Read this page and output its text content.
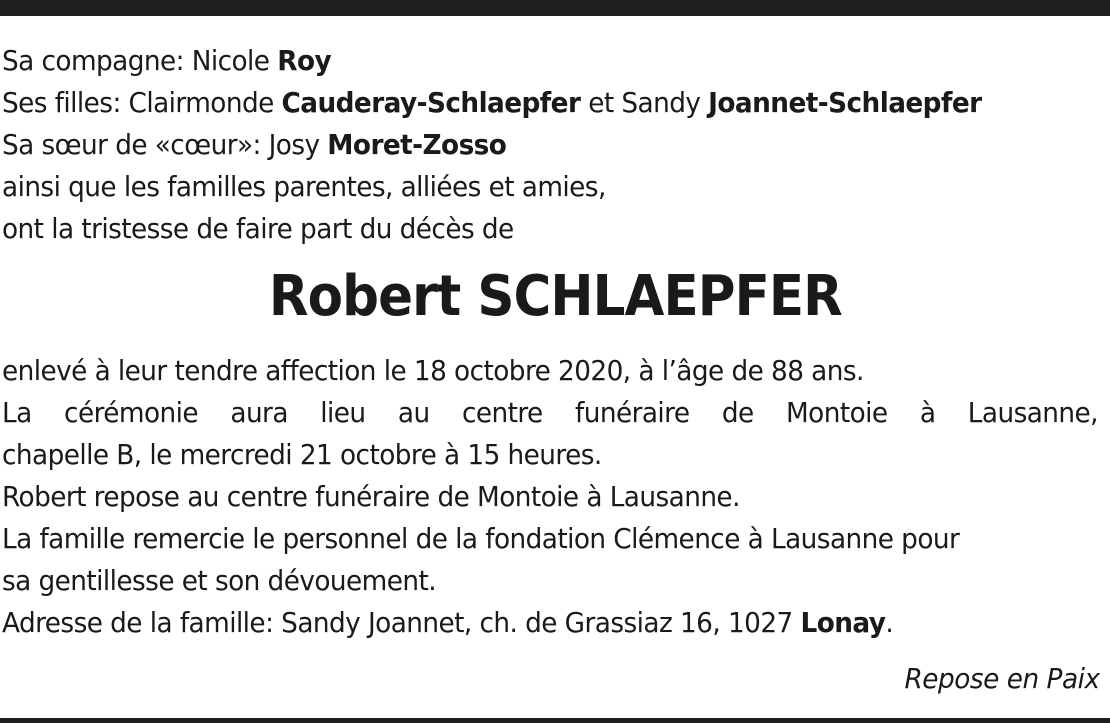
Sa compagne: Nicole Roy
Ses filles: Clairmonde Cauderay-Schlaepfer et Sandy Joannet-Schlaepfer
Sa sœur de «cœur»: Josy Moret-Zosso
ainsi que les familles parentes, alliées et amies,
ont la tristesse de faire part du décès de
Robert SCHLAEPFER
enlevé à leur tendre affection le 18 octobre 2020, à l’âge de 88 ans.
La cérémonie aura lieu au centre funéraire de Montoie à Lausanne,
chapelle B, le mercredi 21 octobre à 15 heures.
Robert repose au centre funéraire de Montoie à Lausanne.
La famille remercie le personnel de la fondation Clémence à Lausanne pour
sa gentillesse et son dévouement.
Adresse de la famille: Sandy Joannet, ch. de Grassiaz 16, 1027 Lonay.
Repose en Paix
